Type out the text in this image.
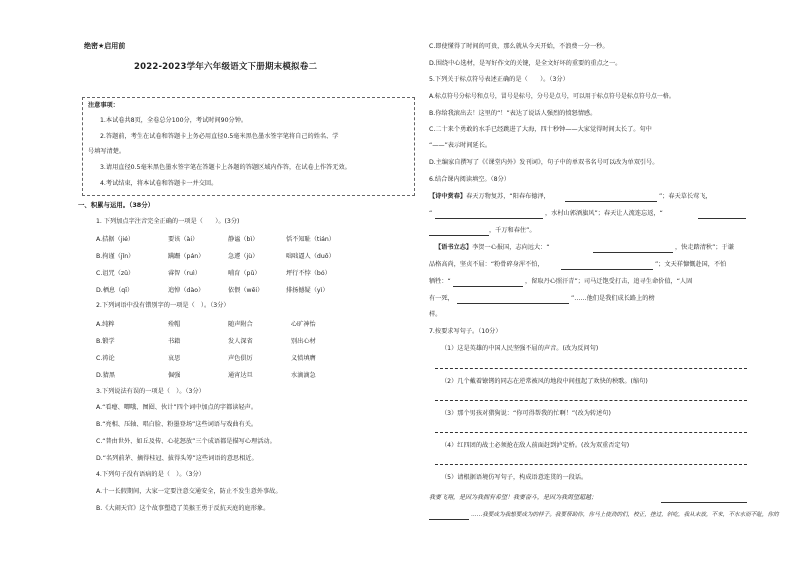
绝密★启用前
2022-2023学年六年级语文下册期末模拟卷二
注意事项：
1.本试卷共8页，全卷总分100分，考试时间90分钟。
2.答题前，考生在试卷和答题卡上务必用直径0.5毫米黑色墨水签字笔将自己的姓名、学
号填写清楚。
3.请用直径0.5毫米黑色墨水签字笔在答题卡上各题的答题区域内作答，在试卷上作答无效。
4.考试结束，将本试卷和答题卡一并交回。
一、积累与运用。（38分）
1. 下列加点字注音完全正确的一项是（　　）。(3分)
A.拮据（jié）	要该（ài）	静谧（bì）	恬不知耻（tián）
B.拘谨（jǐn）	蹒跚（pán）	急遽（jù）	咄咄逼人（duō）
C.诅咒（zǔ）	睿智（ruì）	哺育（pǔ）	坪行不悖（bó）
D.栖息（qī）	追悼（dào）	依偎（wēi）	排扬撼疑（yì）
2.下列词语中没有错别字的一项是（　）。（3分）
A.纯粹	殓帽	随声附合	心旷神怡
B.锻学	书籍	发人深省	别出心材
C.祷论	哀思	声色俱厉	义愤填膺
D.猜黑	倔强	通宵达旦	水滴滴急
3.下列说法有误的一项是（　）。（3分）
A.“看瘪、唧哦、囫囵、伙计”四个词中加点的字都读轻声。
B.“亮相、压轴、唱白脸、粉墨登场”这些词语与戏曲有关。
C.“普由世外、如丘及传、心花怒放”三个成语都是描写心理活动。
D.“名列前茅、摘得桂冠、拔得头筹”这些词语的意思相近。
4.下列句子没有语病的是（　）。（3分）
A.十一长假期间，大家一定要注意交通安全，防止不发生意外事故。
B.《大闹天宫》这个故事塑造了美猴王勇于反抗天庭的庭形象。
C.即使懂得了时间的可贵，那么就从今天开始，不浪费一分一秒。
D.围绕中心选材，是写好作文的关键，是全文好坏的重要的重点之一。
5.下列关于标点符号表述正确的是（　　）。（3分）
A.标点符号分标号和点号，冒号是标号，分号是点号，可以用于标点符号是标点符号点一格。
B.你给我滚出去！这里的“！”表达了说话人强烈的愤怒情感。
C.二十来个勇敢的水手已经跳进了大海，四十秒钟——大家觉得时间太长了。句中
“——”表示时间延长。
D.主编家自撰写了《《课堂内外》发刊词》，句子中的单双书名号可以改为单双引号。
6.结合课内阅读填空。（8分）
【诗中赏春】春天万物复苏，“阳春布德泽，	”；春天草长莺飞，
“	，水村山郭酒旗风”；春天让人流连忘返，“
，千万和春住”。
【语书立志】李贺一心报国，志向远大：“	，快走踏清秋”；于谦
品格高尚，坚贞不屈：“粉骨碎身浑不怕，	”；文天祥慷慨赴国，不怕
牺牲：“	，留取丹心照汗青”；司马迁饱受打击，追寻生命价值，“人固
有一死，	”……他们是我们成长路上的榜
样。
7.按要求写句子。（10分）
（1）这是英雄的中国人民坚强不屈的声音。(改为反问句)
（2）几个戴着镣铐的同志在逆常被风的地段中间扭起了欢快的秧歌。(缩句)
（3）那个男孩对猎狗说：“你可得帮我的忙啊！”(改为转述句)
（4）红四团的战士必须抢在敌人前面赶到泸定桥。(改为双重否定句)
（5）请根据语境仿写句子，构成语意连贯的一段话。
我要飞翔，是因为我拥有希望！我要奋斗，是因为我渴望超越；
……我要成为我想要成为的样子。我要帮助你，你马上使劲的们，校正，挫过，斜吃，我从未放，不来，不水水而不耻，你的
